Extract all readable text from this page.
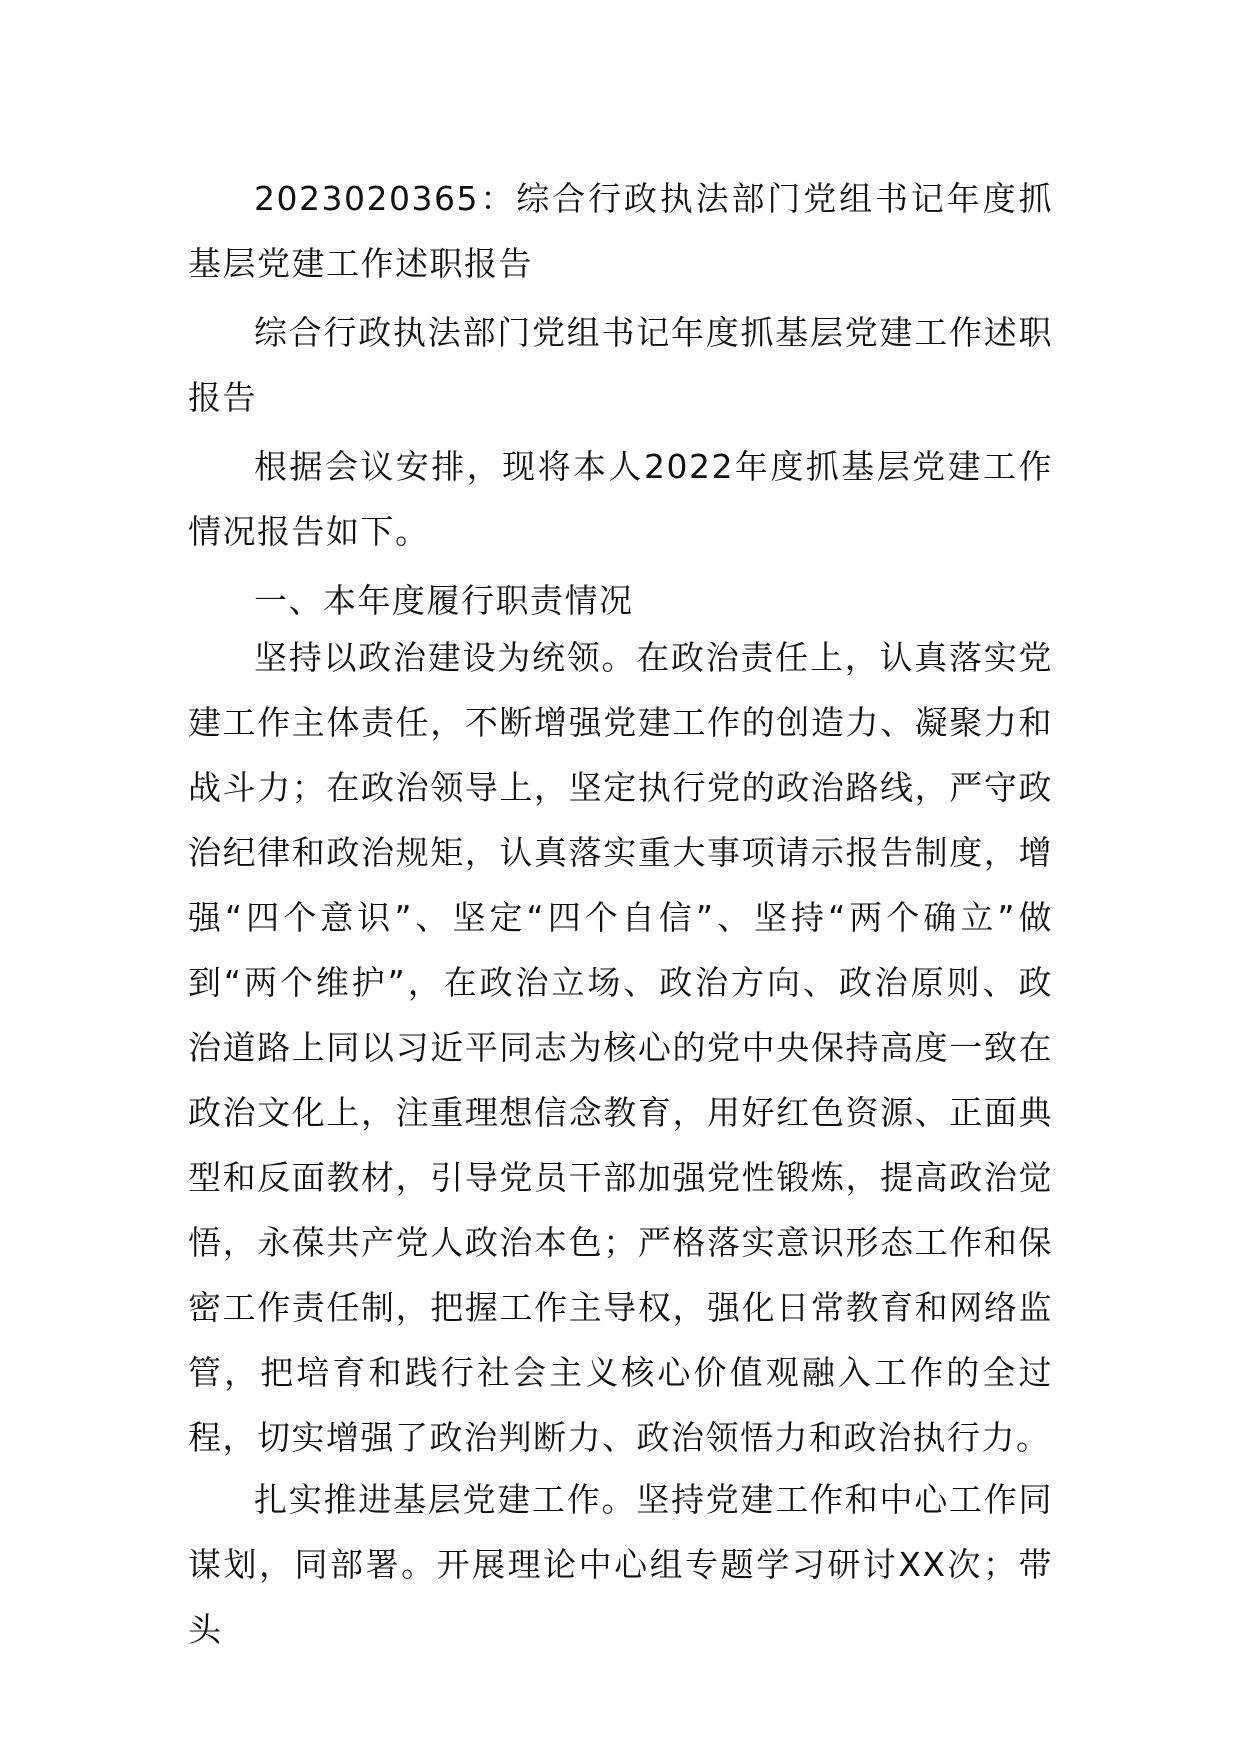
2023020365：综合行政执法部门党组书记年度抓基层党建工作述职报告

综合行政执法部门党组书记年度抓基层党建工作述职报告

根据会议安排，现将本人2022年度抓基层党建工作情况报告如下。

一、本年度履行职责情况

坚持以政治建设为统领。在政治责任上，认真落实党建工作主体责任，不断增强党建工作的创造力、凝聚力和战斗力；在政治领导上，坚定执行党的政治路线，严守政治纪律和政治规矩，认真落实重大事项请示报告制度，增强“四个意识”、坚定“四个自信”、坚持“两个确立”做到“两个维护”，在政治立场、政治方向、政治原则、政治道路上同以习近平同志为核心的党中央保持高度一致在政治文化上，注重理想信念教育，用好红色资源、正面典型和反面教材，引导党员干部加强党性锻炼，提高政治觉悟，永葆共产党人政治本色；严格落实意识形态工作和保密工作责任制，把握工作主导权，强化日常教育和网络监管，把培育和践行社会主义核心价值观融入工作的全过程，切实增强了政治判断力、政治领悟力和政治执行力。

扎实推进基层党建工作。坚持党建工作和中心工作同谋划，同部署。开展理论中心组专题学习研讨XX次；带头
